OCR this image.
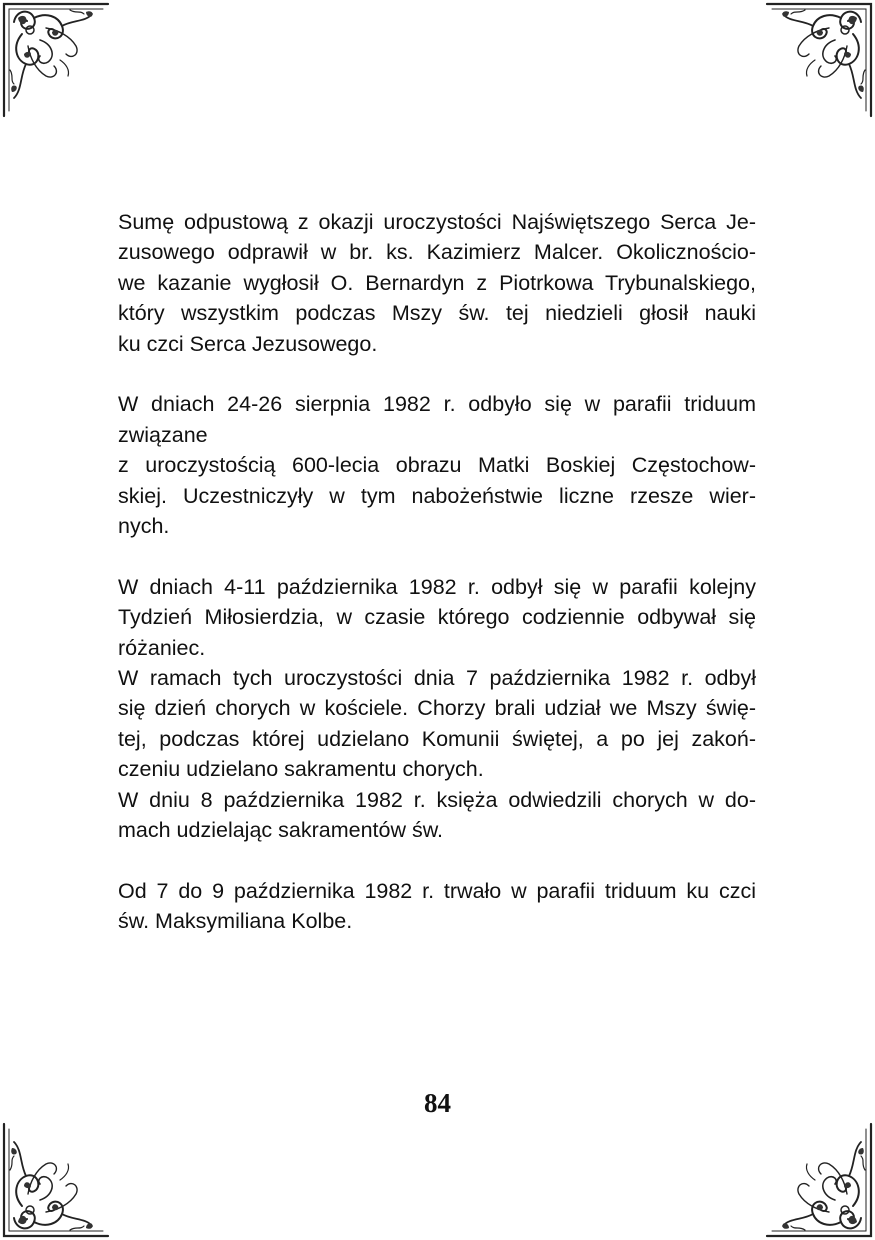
Sumę odpustową z okazji uroczystości Najświętszego Serca Je-
zusowego odprawił w br. ks. Kazimierz Malcer. Okolicznościo-
we kazanie wygłosił O. Bernardyn z Piotrkowa Trybunalskiego,
który wszystkim podczas Mszy św. tej niedzieli głosił nauki
ku czci Serca Jezusowego.
W dniach 24-26 sierpnia 1982 r. odbyło się w parafii triduum
związane
z uroczystością 600-lecia obrazu Matki Boskiej Częstochow-
skiej. Uczestniczyły w tym nabożeństwie liczne rzesze wier-
nych.
W dniach 4-11 października 1982 r. odbył się w parafii kolejny
Tydzień Miłosierdzia, w czasie którego codziennie odbywał się
różaniec.
W ramach tych uroczystości dnia 7 października 1982 r. odbył
się dzień chorych w kościele. Chorzy brali udział we Mszy świę-
tej, podczas której udzielano Komunii świętej, a po jej zakoń-
czeniu udzielano sakramentu chorych.
W dniu 8 października 1982 r. księża odwiedzili chorych w do-
mach udzielając sakramentów św.
Od 7 do 9 października 1982 r. trwało w parafii triduum ku czci
św. Maksymiliana Kolbe.
84
